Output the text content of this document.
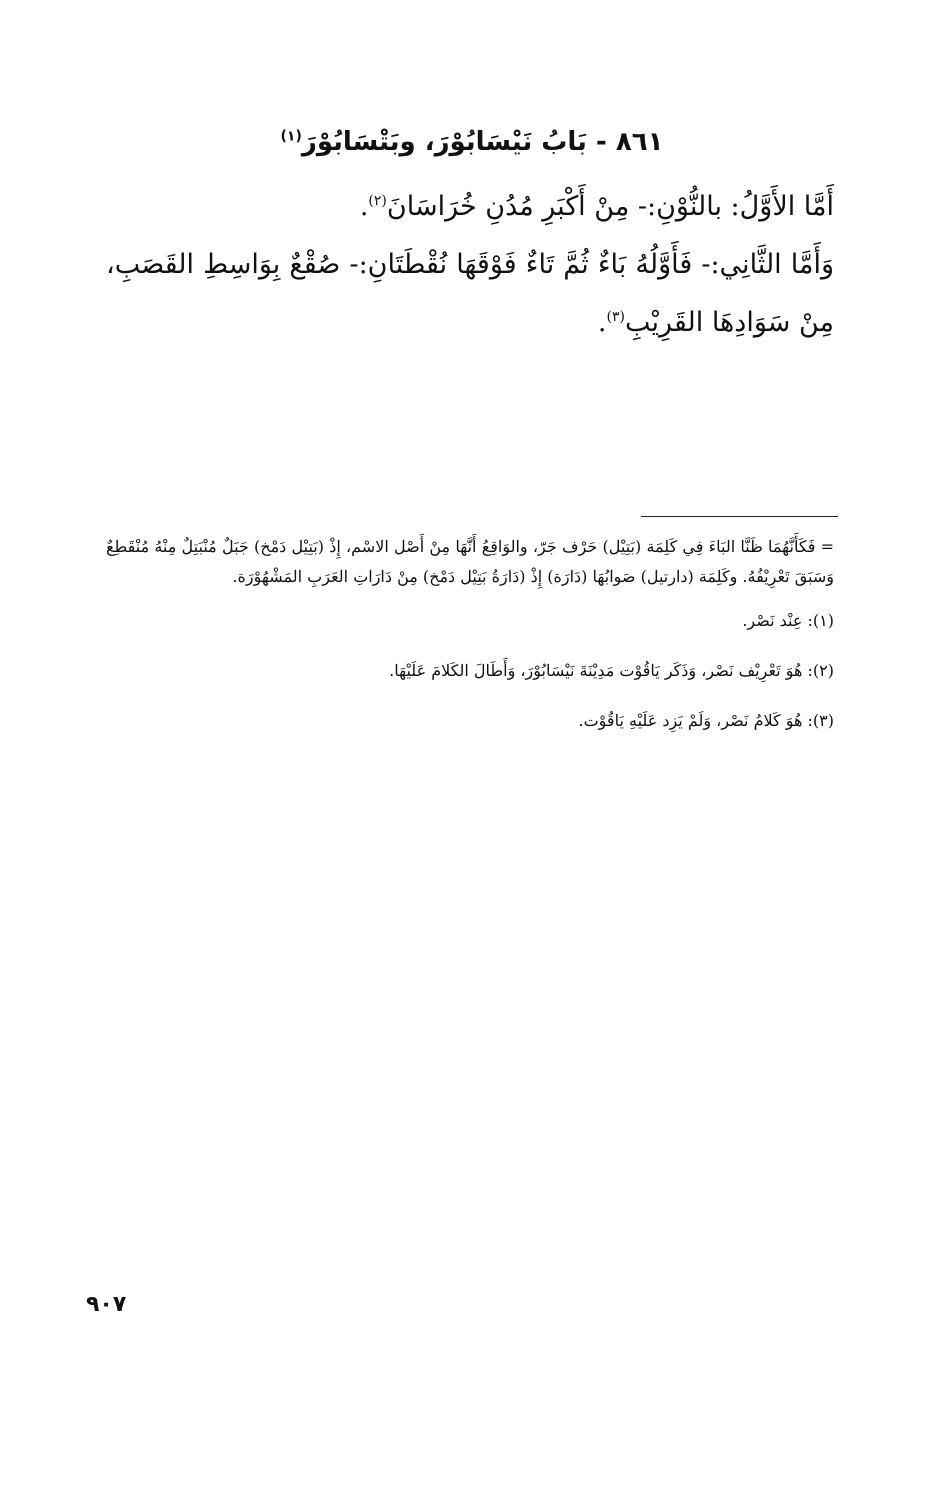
٨٦١ - بَابُ نَيْسَابُوْرَ، وبَتْسَابُوْرَ$^{(١)}$

أَمَّا الأَوَّلُ: بالنُّوْنِ:- مِنْ أَكْبَرِ مُدُنِ خُرَاسَانَ$^{(٢)}$.

وَأَمَّا الثَّانِي:- فَأَوَّلُهُ بَاءٌ ثُمَّ تَاءٌ فَوْقَهَا نُقْطَتَانِ:- صُقْعٌ بِوَاسِطِ القَصَبِ، مِنْ سَوَادِهَا القَرِيْبِ$^{(٣)}$.

= فَكَأَنَّهُمَا ظَنَّا البَاءَ فِي كَلِمَة (بَتِيْل) حَرْف جَرّ، والوَاقِعُ أَنَّهَا مِنْ أَصْل الاسْم، إِذْ (بَتِيْل دَمْخ) جَبَلٌ مُنْبَتِلٌ مِنْهُ مُنْقَطِعٌ وَسَبَقَ تَعْرِيْفُهُ. وكَلِمَة (دارتيل) صَوابُهَا (دَارَة) إِذْ (دَارَةُ بَتِيْل دَمْخ) مِنْ دَارَاتِ العَرَبِ المَشْهُوْرَة.

(١): عِنْد نَصْر.

(٢): هُوَ تَعْرِيْف نَصْر، وَذَكَر يَاقُوْت مَدِيْنَةَ نَيْسَابُوْرَ، وَأَطَالَ الكَلامَ عَلَيْهَا.

(٣): هُوَ كَلامُ نَصْر، وَلَمْ يَزِد عَلَيْهِ يَاقُوْت.

٩٠٧
